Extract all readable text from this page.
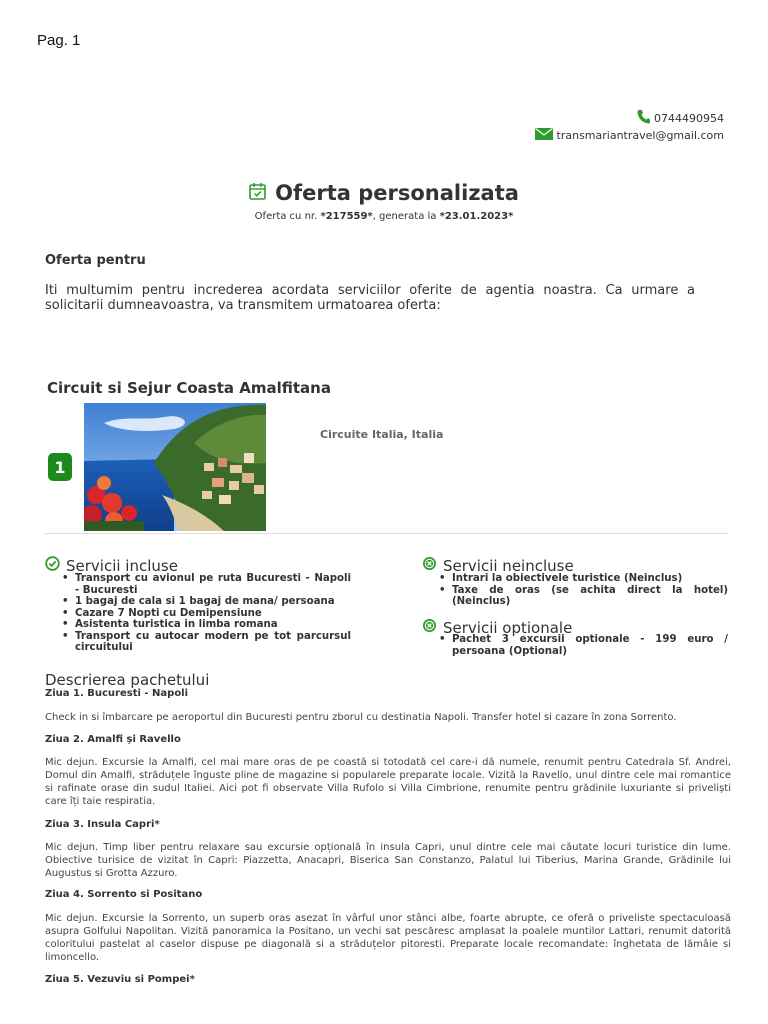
Pag. 1
0744490954
transmariantravel@gmail.com
Oferta personalizata
Oferta cu nr. *217559*, generata la *23.01.2023*
Oferta pentru
Iti multumim pentru increderea acordata serviciilor oferite de agentia noastra. Ca urmare a solicitarii dumneavoastra, va transmitem urmatoarea oferta:
Circuit si Sejur Coasta Amalfitana
1
Circuite Italia, Italia
Servicii incluse
• Transport cu avionul pe ruta Bucuresti - Napoli - Bucuresti
• 1 bagaj de cala si 1 bagaj de mana/ persoana
• Cazare 7 Nopti cu Demipensiune
• Asistenta turistica in limba romana
• Transport cu autocar modern pe tot parcursul circuitului
Servicii neincluse
• Intrari la obiectivele turistice (Neinclus)
• Taxe de oras (se achita direct la hotel) (Neinclus)
Servicii optionale
• Pachet 3 excursii optionale - 199 euro / persoana (Optional)
Descrierea pachetului
Ziua 1. Bucuresti - Napoli
Check in si îmbarcare pe aeroportul din Bucuresti pentru zborul cu destinatia Napoli. Transfer hotel si cazare în zona Sorrento.
Ziua 2. Amalfi și Ravello
Mic dejun. Excursie la Amalfi, cel mai mare oras de pe coastă si totodată cel care-i dă numele, renumit pentru Catedrala Sf. Andrei, Domul din Amalfi, străduțele înguste pline de magazine si popularele preparate locale. Vizită la Ravello, unul dintre cele mai romantice si rafinate orase din sudul Italiei. Aici pot fi observate Villa Rufolo si Villa Cimbrione, renumite pentru grădinile luxuriante si priveliști care îți taie respiratia.
Ziua 3. Insula Capri*
Mic dejun. Timp liber pentru relaxare sau excursie opțională în insula Capri, unul dintre cele mai căutate locuri turistice din lume. Obiective turisice de vizitat în Capri: Piazzetta, Anacapri, Biserica San Constanzo, Palatul lui Tiberius, Marina Grande, Grădinile lui Augustus si Grotta Azzuro.
Ziua 4. Sorrento si Positano
Mic dejun. Excursie la Sorrento, un superb oras asezat în vârful unor stânci albe, foarte abrupte, ce oferă o priveliste spectaculoasă asupra Golfului Napolitan. Vizită panoramica la Positano, un vechi sat pescăresc amplasat la poalele muntilor Lattari, renumit datorită coloritului pastelat al caselor dispuse pe diagonală si a străduțelor pitoresti. Preparate locale recomandate: înghetata de lămâie si limoncello.
Ziua 5. Vezuviu si Pompei*
